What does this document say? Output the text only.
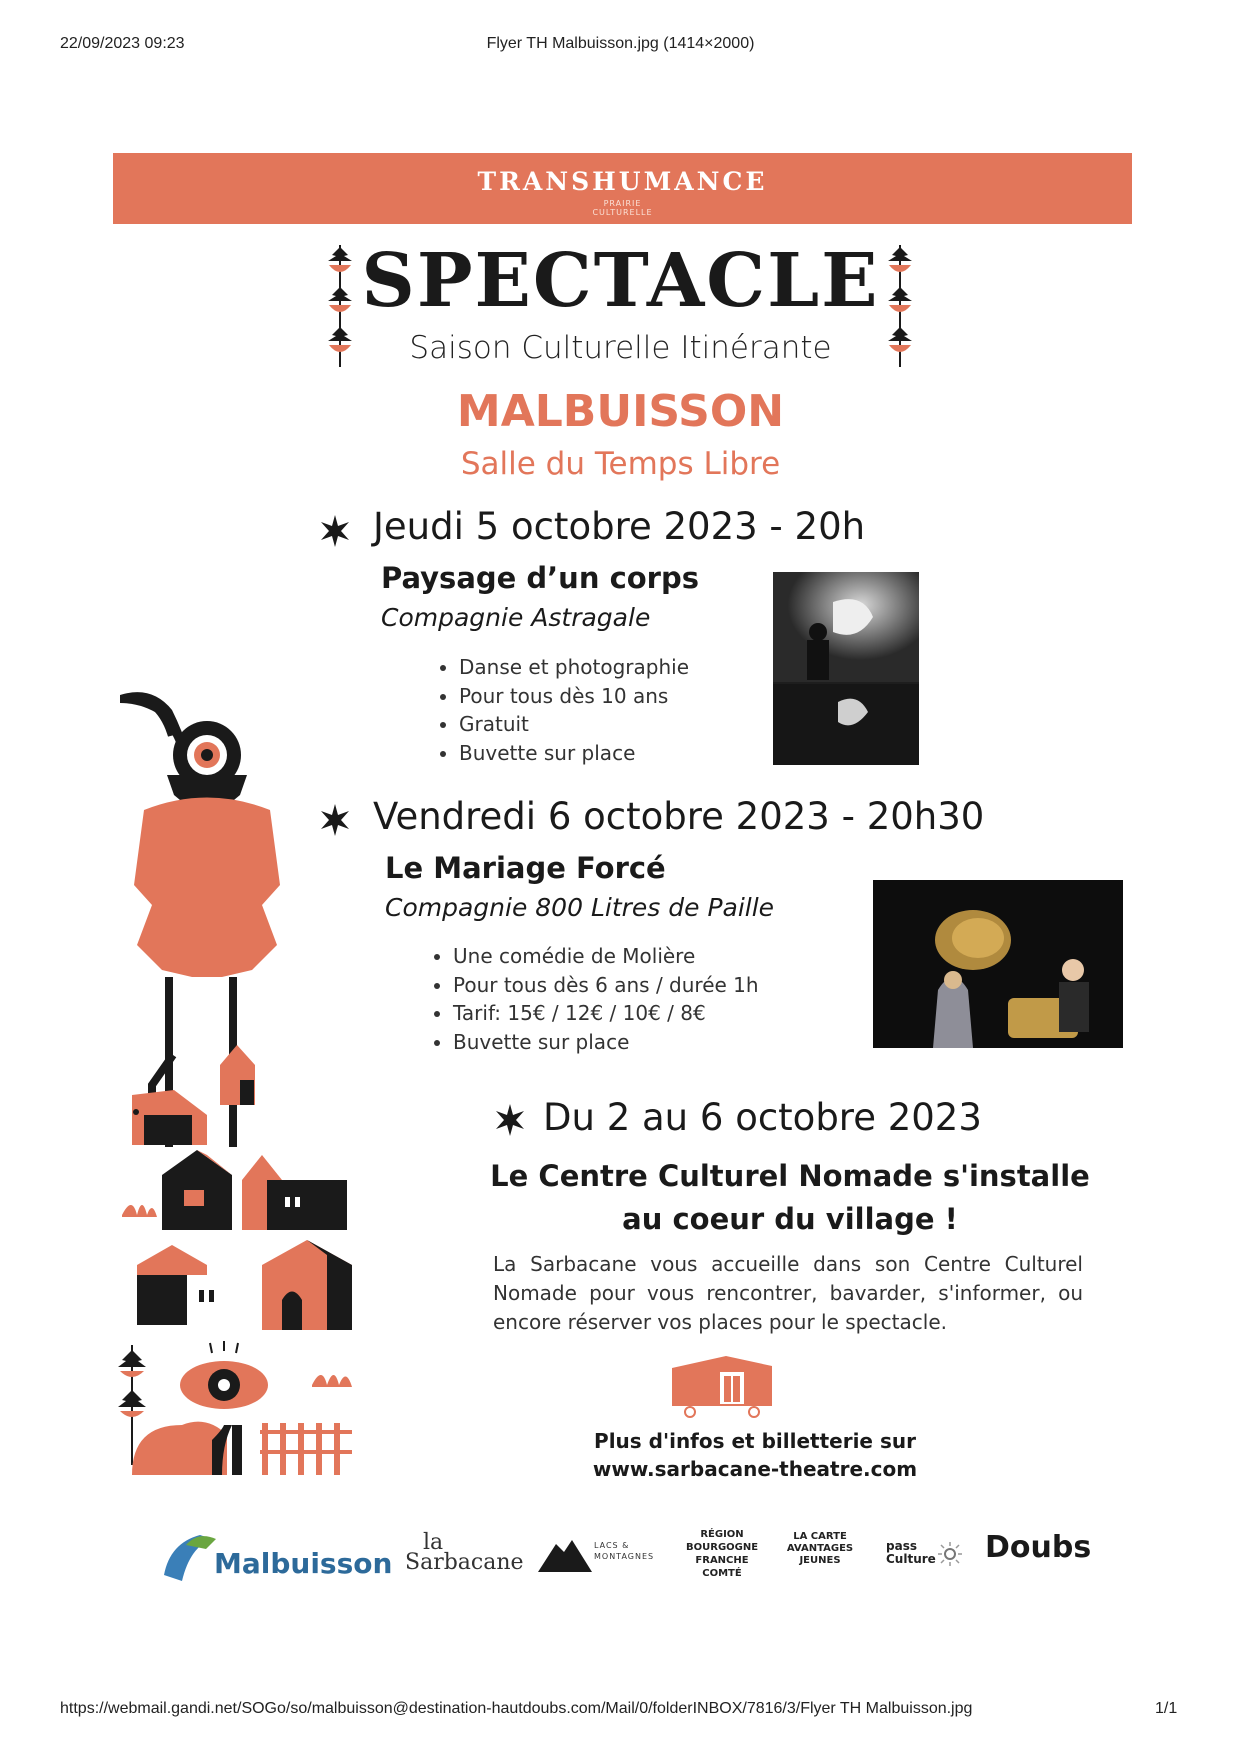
22/09/2023 09:23	Flyer TH Malbuisson.jpg (1414×2000)
https://webmail.gandi.net/SOGo/so/malbuisson@destination-hautdoubs.com/Mail/0/folderINBOX/7816/3/Flyer TH Malbuisson.jpg	1/1
TRANSHUMANCE
PRAIRIE
CULTURELLE
SPECTACLE
Saison Culturelle Itinérante
MALBUISSON
Salle du Temps Libre
Jeudi 5 octobre 2023 - 20h
Paysage d’un corps
Compagnie Astragale
• Danse et photographie
• Pour tous dès 10 ans
• Gratuit
• Buvette sur place
Vendredi 6 octobre 2023 - 20h30
Le Mariage Forcé
Compagnie 800 Litres de Paille
• Une comédie de Molière
• Pour tous dès 6 ans / durée 1h
• Tarif: 15€ / 12€ / 10€ / 8€
• Buvette sur place
Du 2 au 6 octobre 2023
Le Centre Culturel Nomade s'installe
au coeur du village !
La Sarbacane vous accueille dans son Centre Culturel Nomade pour vous rencontrer, bavarder, s'informer, ou encore réserver vos places pour le spectacle.
Plus d'infos et billetterie sur
www.sarbacane-theatre.com
Malbuisson
la
Sarbacane
LACS & MONTAGNES
RÉGION BOURGOGNE FRANCHE COMTÉ
LA CARTE AVANTAGES JEUNES
pass Culture	Doubs
